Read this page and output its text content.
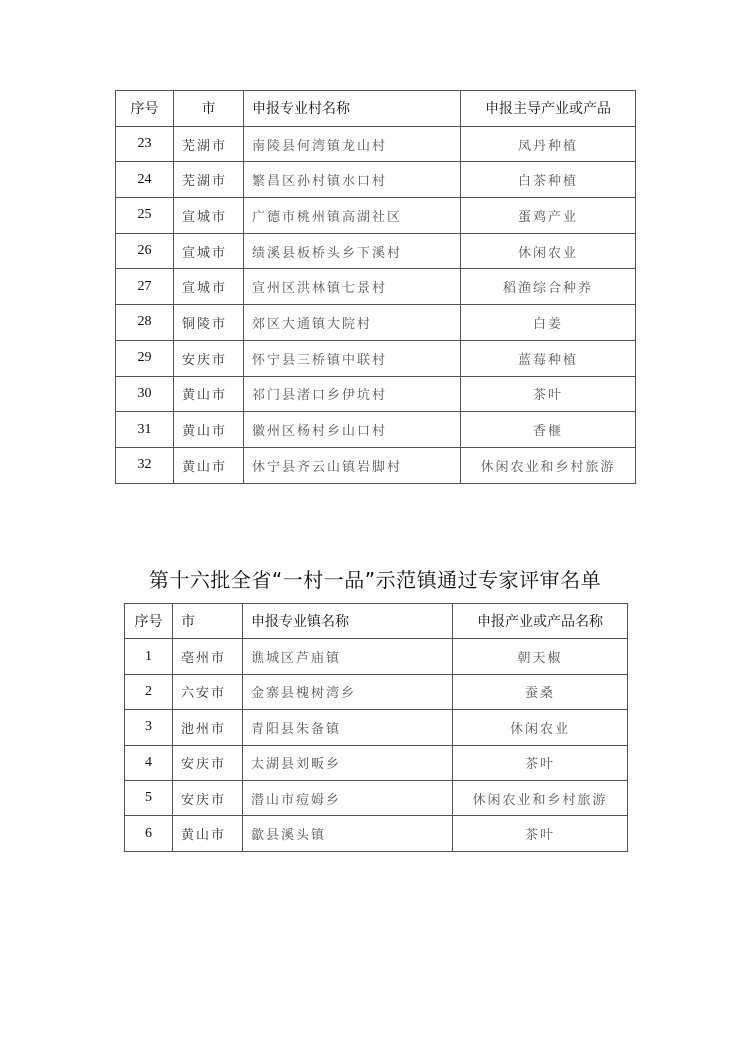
序号	市	申报专业村名称	申报主导产业或产品
23	芜湖市	南陵县何湾镇龙山村	凤丹种植
24	芜湖市	繁昌区孙村镇水口村	白茶种植
25	宣城市	广德市桃州镇高湖社区	蛋鸡产业
26	宣城市	绩溪县板桥头乡下溪村	休闲农业
27	宣城市	宣州区洪林镇七景村	稻渔综合种养
28	铜陵市	郊区大通镇大院村	白姜
29	安庆市	怀宁县三桥镇中联村	蓝莓种植
30	黄山市	祁门县渚口乡伊坑村	茶叶
31	黄山市	徽州区杨村乡山口村	香榧
32	黄山市	休宁县齐云山镇岩脚村	休闲农业和乡村旅游
第十六批全省“一村一品”示范镇通过专家评审名单
序号	市	申报专业镇名称	申报产业或产品名称
1	亳州市	谯城区芦庙镇	朝天椒
2	六安市	金寨县槐树湾乡	蚕桑
3	池州市	青阳县朱备镇	休闲农业
4	安庆市	太湖县刘畈乡	茶叶
5	安庆市	潜山市痘姆乡	休闲农业和乡村旅游
6	黄山市	歙县溪头镇	茶叶
